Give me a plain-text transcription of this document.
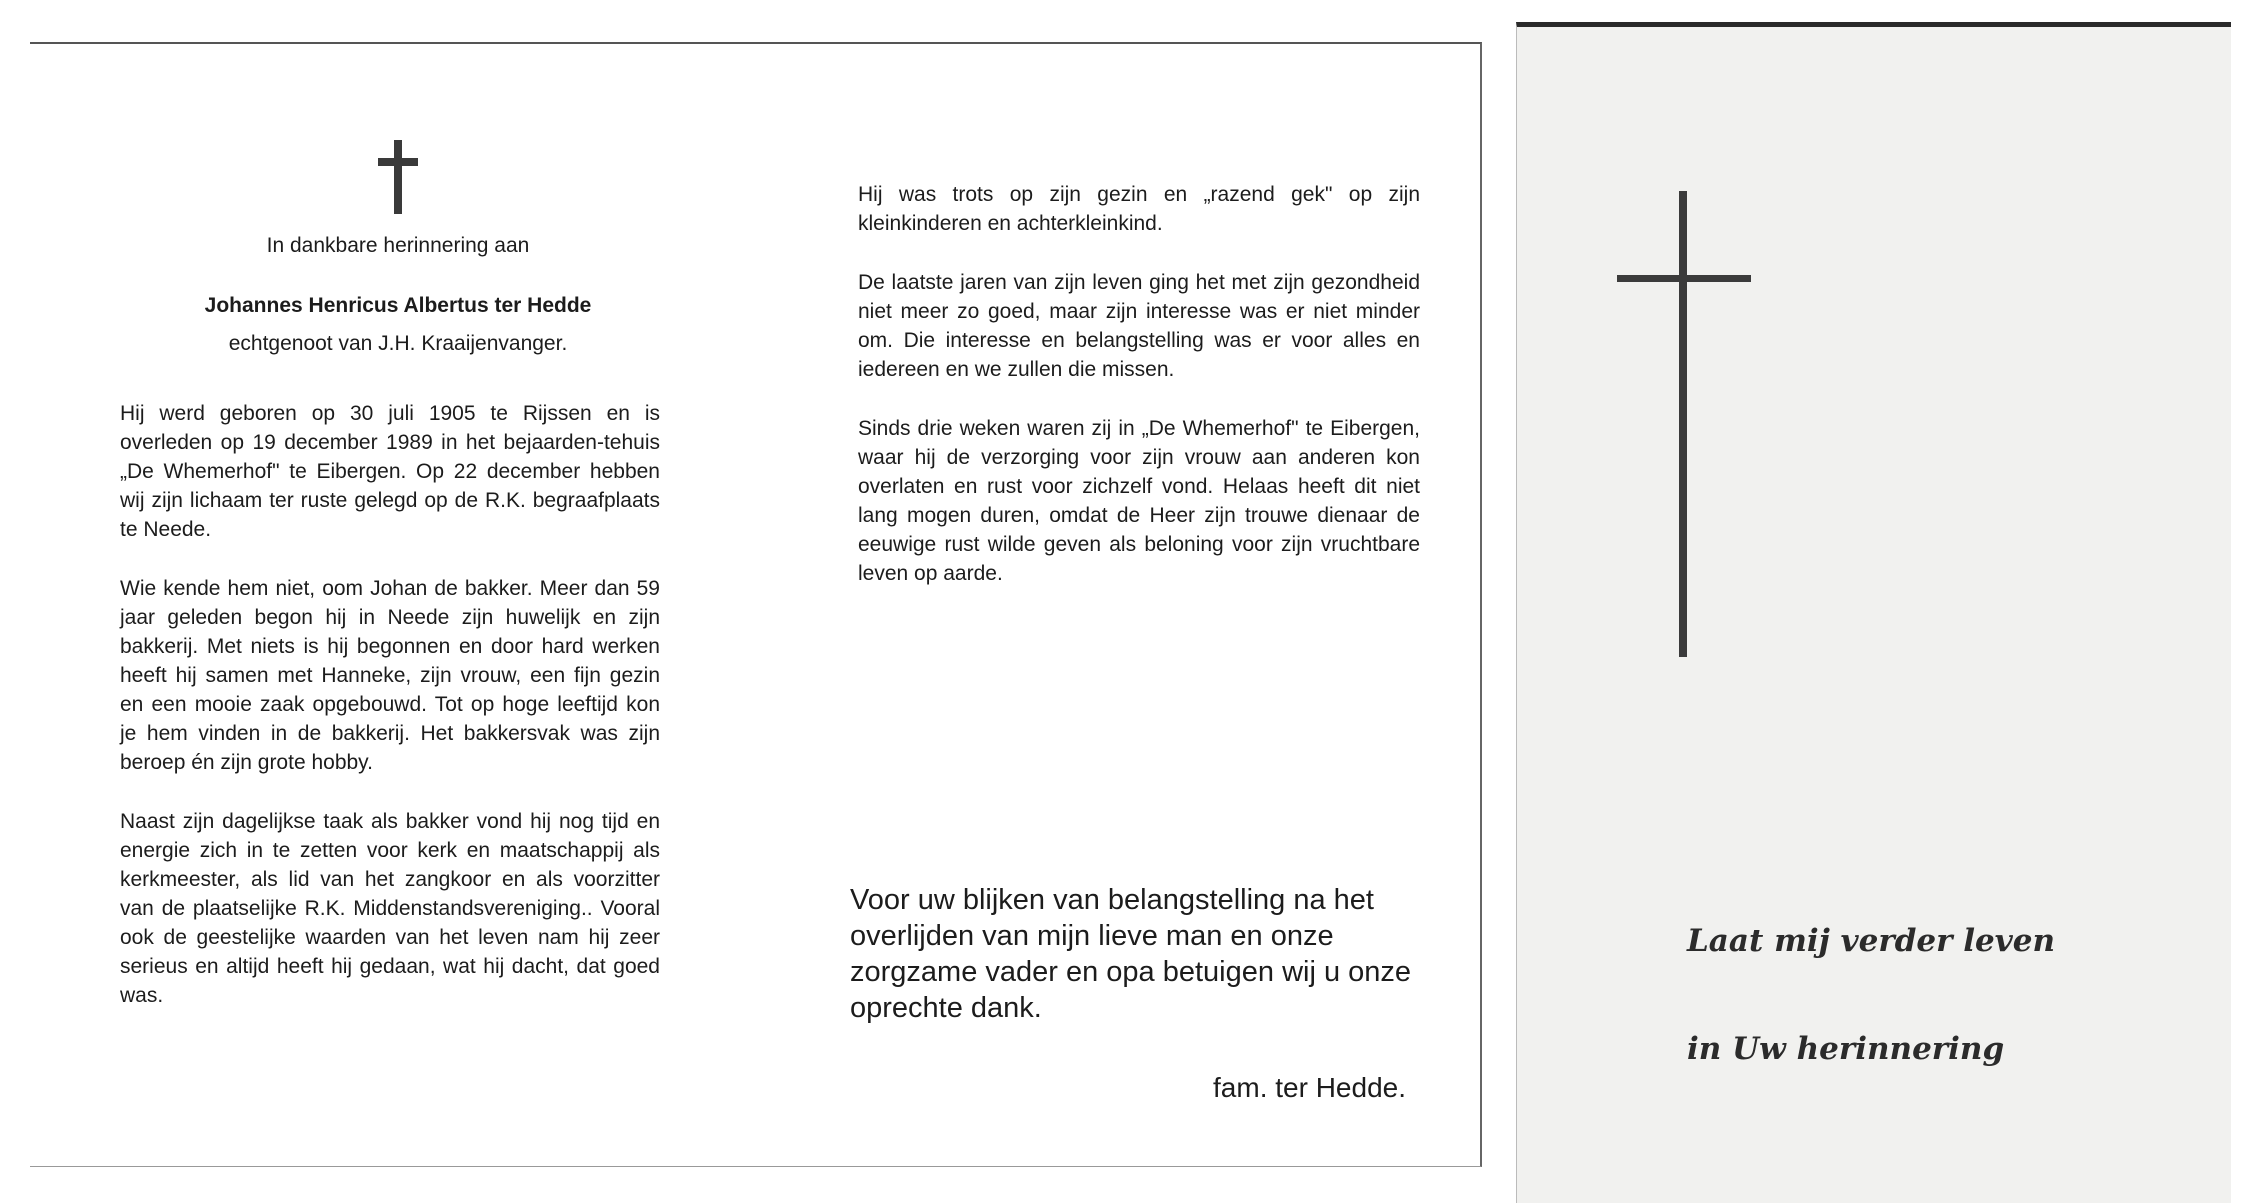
In dankbare herinnering aan
Johannes Henricus Albertus ter Hedde
echtgenoot van J.H. Kraaijenvanger.

Hij werd geboren op 30 juli 1905 te Rijssen en is overleden op 19 december 1989 in het bejaarden-tehuis „De Whemerhof" te Eibergen. Op 22 december hebben wij zijn lichaam ter ruste gelegd op de R.K. begraafplaats te Neede.

Wie kende hem niet, oom Johan de bakker. Meer dan 59 jaar geleden begon hij in Neede zijn huwelijk en zijn bakkerij. Met niets is hij begonnen en door hard werken heeft hij samen met Hanneke, zijn vrouw, een fijn gezin en een mooie zaak opgebouwd. Tot op hoge leeftijd kon je hem vinden in de bakkerij. Het bakkersvak was zijn beroep én zijn grote hobby.

Naast zijn dagelijkse taak als bakker vond hij nog tijd en energie zich in te zetten voor kerk en maatschappij als kerkmeester, als lid van het zangkoor en als voorzitter van de plaatselijke R.K. Middenstandsvereniging.. Vooral ook de geestelijke waarden van het leven nam hij zeer serieus en altijd heeft hij gedaan, wat hij dacht, dat goed was.

Hij was trots op zijn gezin en „razend gek" op zijn kleinkinderen en achterkleinkind.

De laatste jaren van zijn leven ging het met zijn gezondheid niet meer zo goed, maar zijn interesse was er niet minder om. Die interesse en belangstelling was er voor alles en iedereen en we zullen die missen.

Sinds drie weken waren zij in „De Whemerhof" te Eibergen, waar hij de verzorging voor zijn vrouw aan anderen kon overlaten en rust voor zichzelf vond. Helaas heeft dit niet lang mogen duren, omdat de Heer zijn trouwe dienaar de eeuwige rust wilde geven als beloning voor zijn vruchtbare leven op aarde.

Voor uw blijken van belangstelling na het overlijden van mijn lieve man en onze zorgzame vader en opa betuigen wij u onze oprechte dank.
fam. ter Hedde.
Laat mij verder leven
in Uw herinnering
